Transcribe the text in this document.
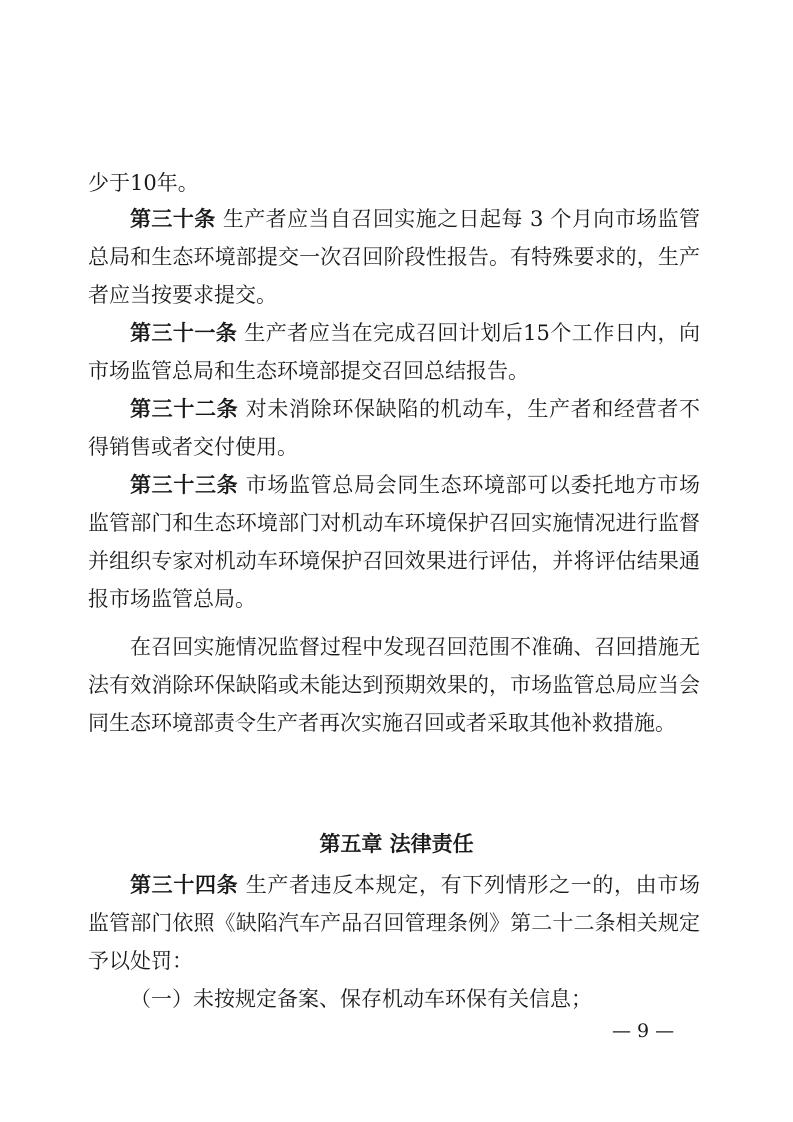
少于10年。

第三十条 生产者应当自召回实施之日起每 3 个月向市场监管总局和生态环境部提交一次召回阶段性报告。有特殊要求的，生产者应当按要求提交。

第三十一条 生产者应当在完成召回计划后15个工作日内，向市场监管总局和生态环境部提交召回总结报告。

第三十二条 对未消除环保缺陷的机动车，生产者和经营者不得销售或者交付使用。

第三十三条 市场监管总局会同生态环境部可以委托地方市场监管部门和生态环境部门对机动车环境保护召回实施情况进行监督并组织专家对机动车环境保护召回效果进行评估，并将评估结果通报市场监管总局。

在召回实施情况监督过程中发现召回范围不准确、召回措施无法有效消除环保缺陷或未能达到预期效果的，市场监管总局应当会同生态环境部责令生产者再次实施召回或者采取其他补救措施。

第五章 法律责任

第三十四条 生产者违反本规定，有下列情形之一的，由市场监管部门依照《缺陷汽车产品召回管理条例》第二十二条相关规定予以处罚：

（一）未按规定备案、保存机动车环保有关信息；

— 9 —
